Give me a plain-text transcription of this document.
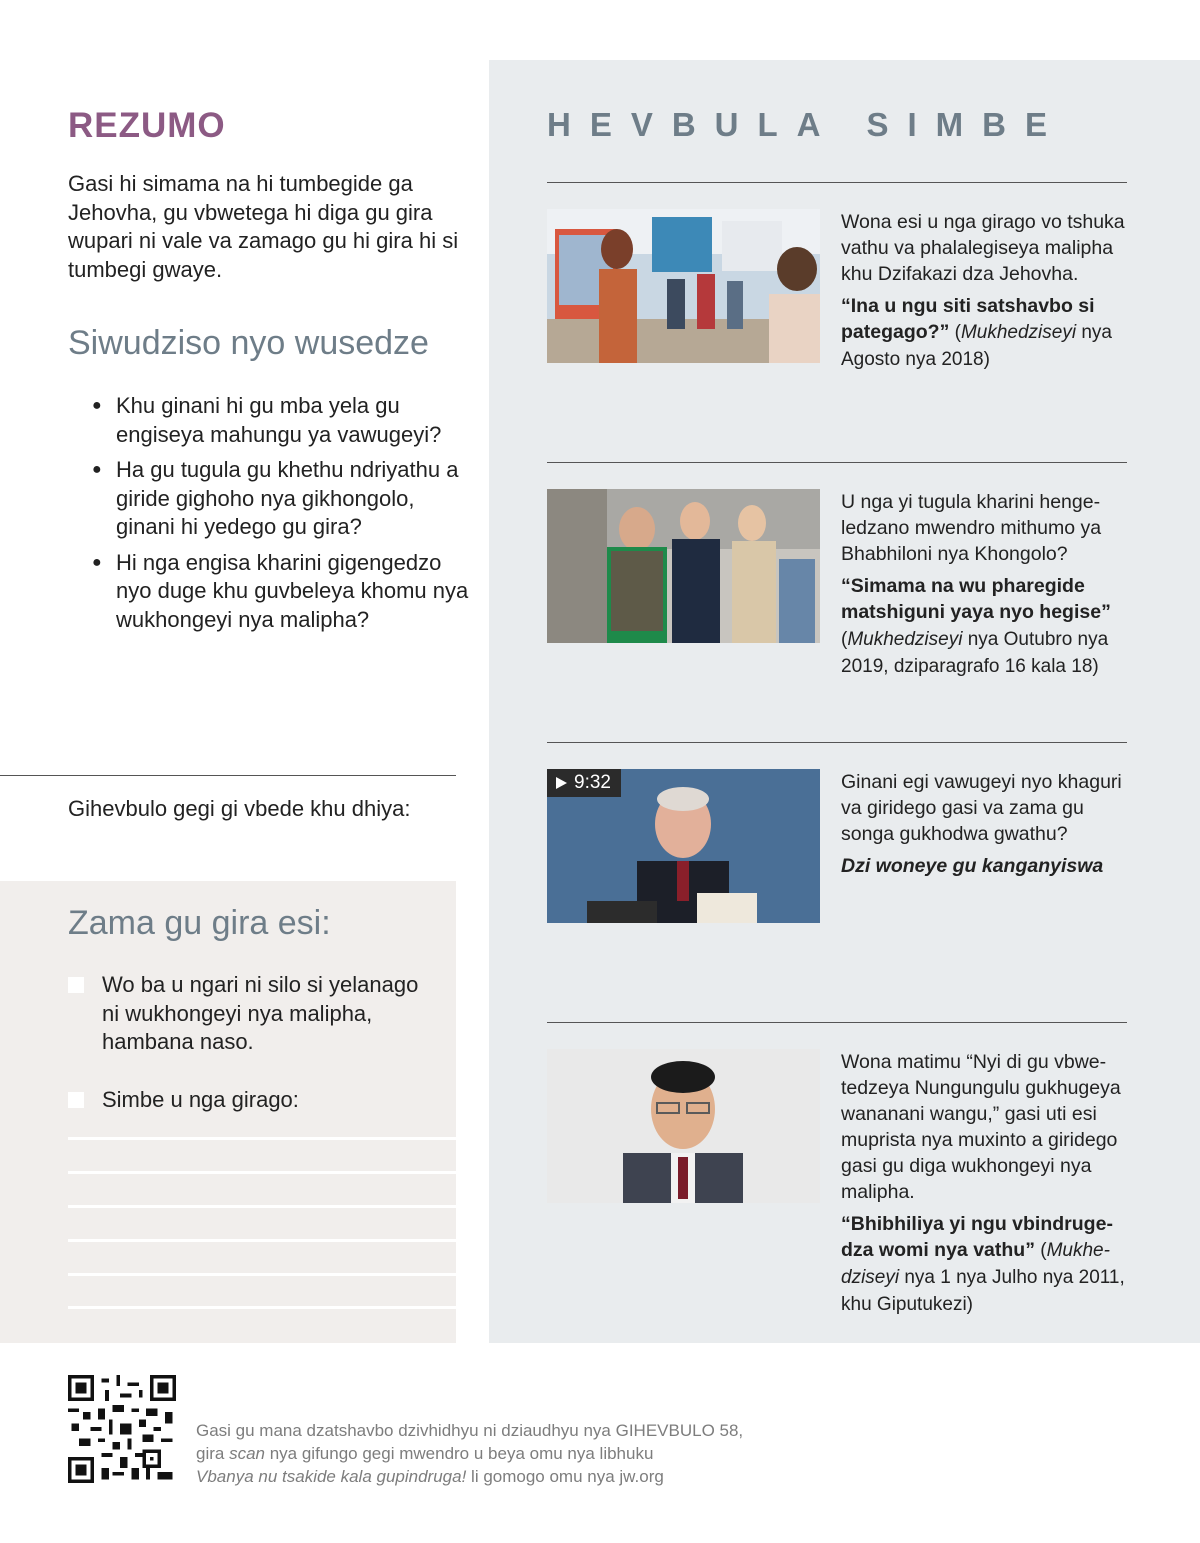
REZUMO

Gasi hi simama na hi tumbegide ga Jehovha, gu vbwetega hi diga gu gira wupari ni vale va zamago gu hi gira hi si tumbegi gwaye.

Siwudziso nyo wusedze
● Khu ginani hi gu mba yela gu engiseya mahungu ya vawugeyi?
● Ha gu tugula gu khethu ndriyathu a giride gighoho nya gikhongolo, ginani hi yedego gu gira?
● Hi nga engisa kharini gigengedzo nyo duge khu guvbeleya khomu nya wukhongeyi nya malipha?

Gihevbulo gegi gi vbede khu dhiya:

Zama gu gira esi:
Wo ba u ngari ni silo si yelanago ni wukhongeyi nya malipha, hambana naso.
Simbe u nga girago:
HEVBULA SIMBE

Wona esi u nga girago vo tshuka vathu va phalalegiseya malipha khu Dzifakazi dza Jehovha.

“Ina u ngu siti satshavbo si pategago?” (Mukhedziseyi nya Agosto nya 2018)

U nga yi tugula kharini hengeledzano mwendro mithumo ya Bhabhiloni nya Khongolo?

“Simama na wu pharegide matshiguni yaya nyo hegise” (Mukhedziseyi nya Outubro nya 2019, dziparagrafo 16 kala 18)

9:32	Ginani egi vawugeyi nyo khaguri va giridego gasi va zama gu songa gukhodwa gwathu?

Dzi woneye gu kanganyiswa

Wona matimu “Nyi di gu vbwetedzeya Nungungulu gukhugeya wananani wangu,” gasi uti esi muprista nya muxinto a giridego gasi gu diga wukhongeyi nya malipha.

“Bhibhiliya yi ngu vbindrugedza womi nya vathu” (Mukhedziseyi nya 1 nya Julho nya 2011, khu Giputukezi)

Gasi gu mana dzatshavbo dzivhidhyu ni dziaudhyu nya GIHEVBULO 58,
gira scan nya gifungo gegi mwendro u beya omu nya libhuku
Vbanya nu tsakide kala gupindruga! li gomogo omu nya jw.org
